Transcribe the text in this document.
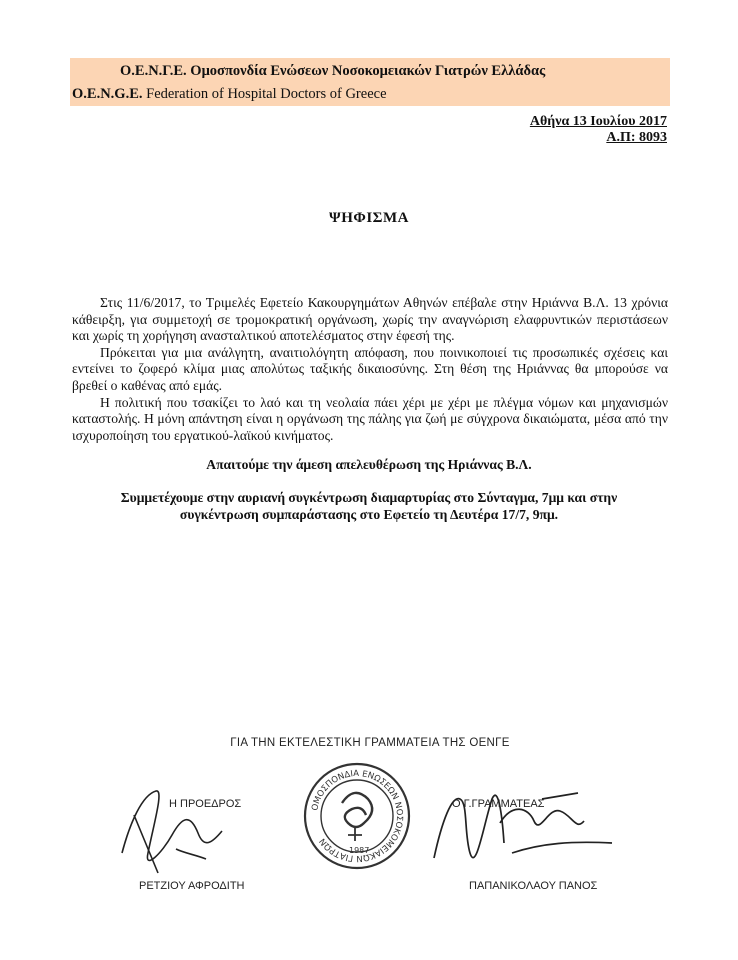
Ο.Ε.Ν.Γ.Ε. Ομοσπονδία Ενώσεων Νοσοκομειακών Γιατρών Ελλάδας
O.E.N.G.E. Federation of Hospital Doctors of Greece
Αθήνα 13 Ιουλίου 2017
Α.Π: 8093
ΨΗΦΙΣΜΑ

Στις 11/6/2017, το Τριμελές Εφετείο Κακουργημάτων Αθηνών επέβαλε στην Ηριάννα Β.Λ. 13 χρόνια κάθειρξη, για συμμετοχή σε τρομοκρατική οργάνωση, χωρίς την αναγνώριση ελαφρυντικών περιστάσεων και χωρίς τη χορήγηση ανασταλτικού αποτελέσματος στην έφεσή της.

Πρόκειται για μια ανάλγητη, αναιτιολόγητη απόφαση, που ποινικοποιεί τις προσωπικές σχέσεις και εντείνει το ζοφερό κλίμα μιας απολύτως ταξικής δικαιοσύνης. Στη θέση της Ηριάννας θα μπορούσε να βρεθεί ο καθένας από εμάς.

Η πολιτική που τσακίζει το λαό και τη νεολαία πάει χέρι με χέρι με πλέγμα νόμων και μηχανισμών καταστολής. Η μόνη απάντηση είναι η οργάνωση της πάλης για ζωή με σύγχρονα δικαιώματα, μέσα από την ισχυροποίηση του εργατικού-λαϊκού κινήματος.

Απαιτούμε την άμεση απελευθέρωση της Ηριάννας Β.Λ.
Συμμετέχουμε στην αυριανή συγκέντρωση διαμαρτυρίας στο Σύνταγμα, 7μμ και στην συγκέντρωση συμπαράστασης στο Εφετείο τη Δευτέρα 17/7, 9πμ.
ΟΜΟΣΠΟΝΔΙΑ ΕΝΩΣΕΩΝ ΝΟΣΟΚΟΜΕΙΑΚΩΝ ΓΙΑΤΡΩΝ
1987
ΓΙΑ ΤΗΝ ΕΚΤΕΛΕΣΤΙΚΗ ΓΡΑΜΜΑΤΕΙΑ ΤΗΣ ΟΕΝΓΕ
Η ΠΡΟΕΔΡΟΣ	Ο Γ.ΓΡΑΜΜΑΤΕΑΣ
ΡΕΤΖΙΟΥ ΑΦΡΟΔΙΤΗ	ΠΑΠΑΝΙΚΟΛΑΟΥ ΠΑΝΟΣ
